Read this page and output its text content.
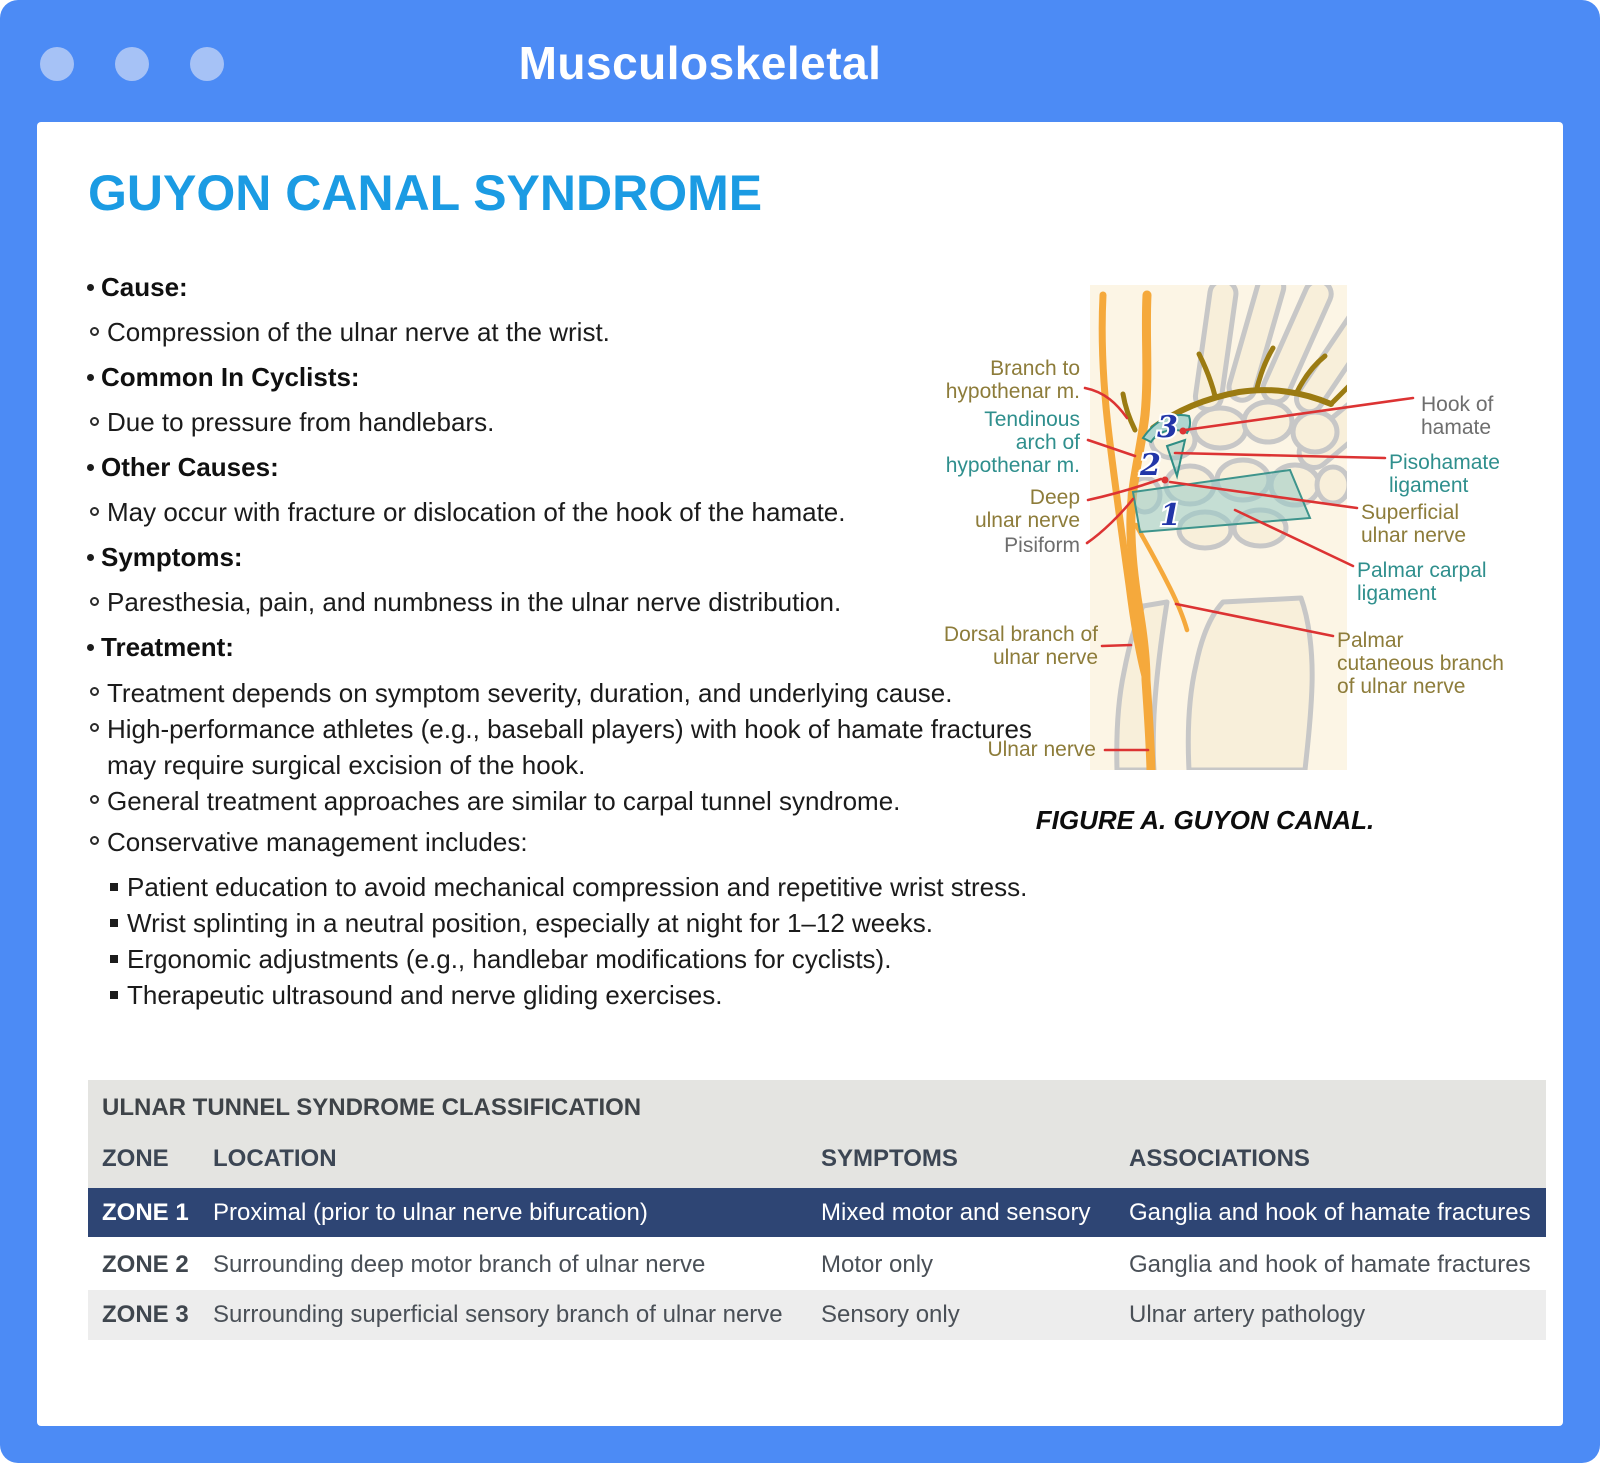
Musculoskeletal
GUYON CANAL SYNDROME
Cause:
Compression of the ulnar nerve at the wrist.
Common In Cyclists:
Due to pressure from handlebars.
Other Causes:
May occur with fracture or dislocation of the hook of the hamate.
Symptoms:
Paresthesia, pain, and numbness in the ulnar nerve distribution.
Treatment:
Treatment depends on symptom severity, duration, and underlying cause.
High-performance athletes (e.g., baseball players) with hook of hamate fractures may require surgical excision of the hook.
General treatment approaches are similar to carpal tunnel syndrome.
Conservative management includes:
Patient education to avoid mechanical compression and repetitive wrist stress.
Wrist splinting in a neutral position, especially at night for 1–12 weeks.
Ergonomic adjustments (e.g., handlebar modifications for cyclists).
Therapeutic ultrasound and nerve gliding exercises.
3
2
1
Branch to
hypothenar m.
Tendinous
arch of
hypothenar m.
Deep
ulnar nerve
Pisiform
Dorsal branch of
ulnar nerve
Ulnar nerve
Hook of
hamate
Pisohamate
ligament
Superficial
ulnar nerve
Palmar carpal
ligament
Palmar
cutaneous branch
of ulnar nerve
FIGURE A. GUYON CANAL.
ULNAR TUNNEL SYNDROME CLASSIFICATION
ZONE	LOCATION	SYMPTOMS	ASSOCIATIONS
ZONE 1	Proximal (prior to ulnar nerve bifurcation)	Mixed motor and sensory	Ganglia and hook of hamate fractures
ZONE 2	Surrounding deep motor branch of ulnar nerve	Motor only	Ganglia and hook of hamate fractures
ZONE 3	Surrounding superficial sensory branch of ulnar nerve	Sensory only	Ulnar artery pathology
